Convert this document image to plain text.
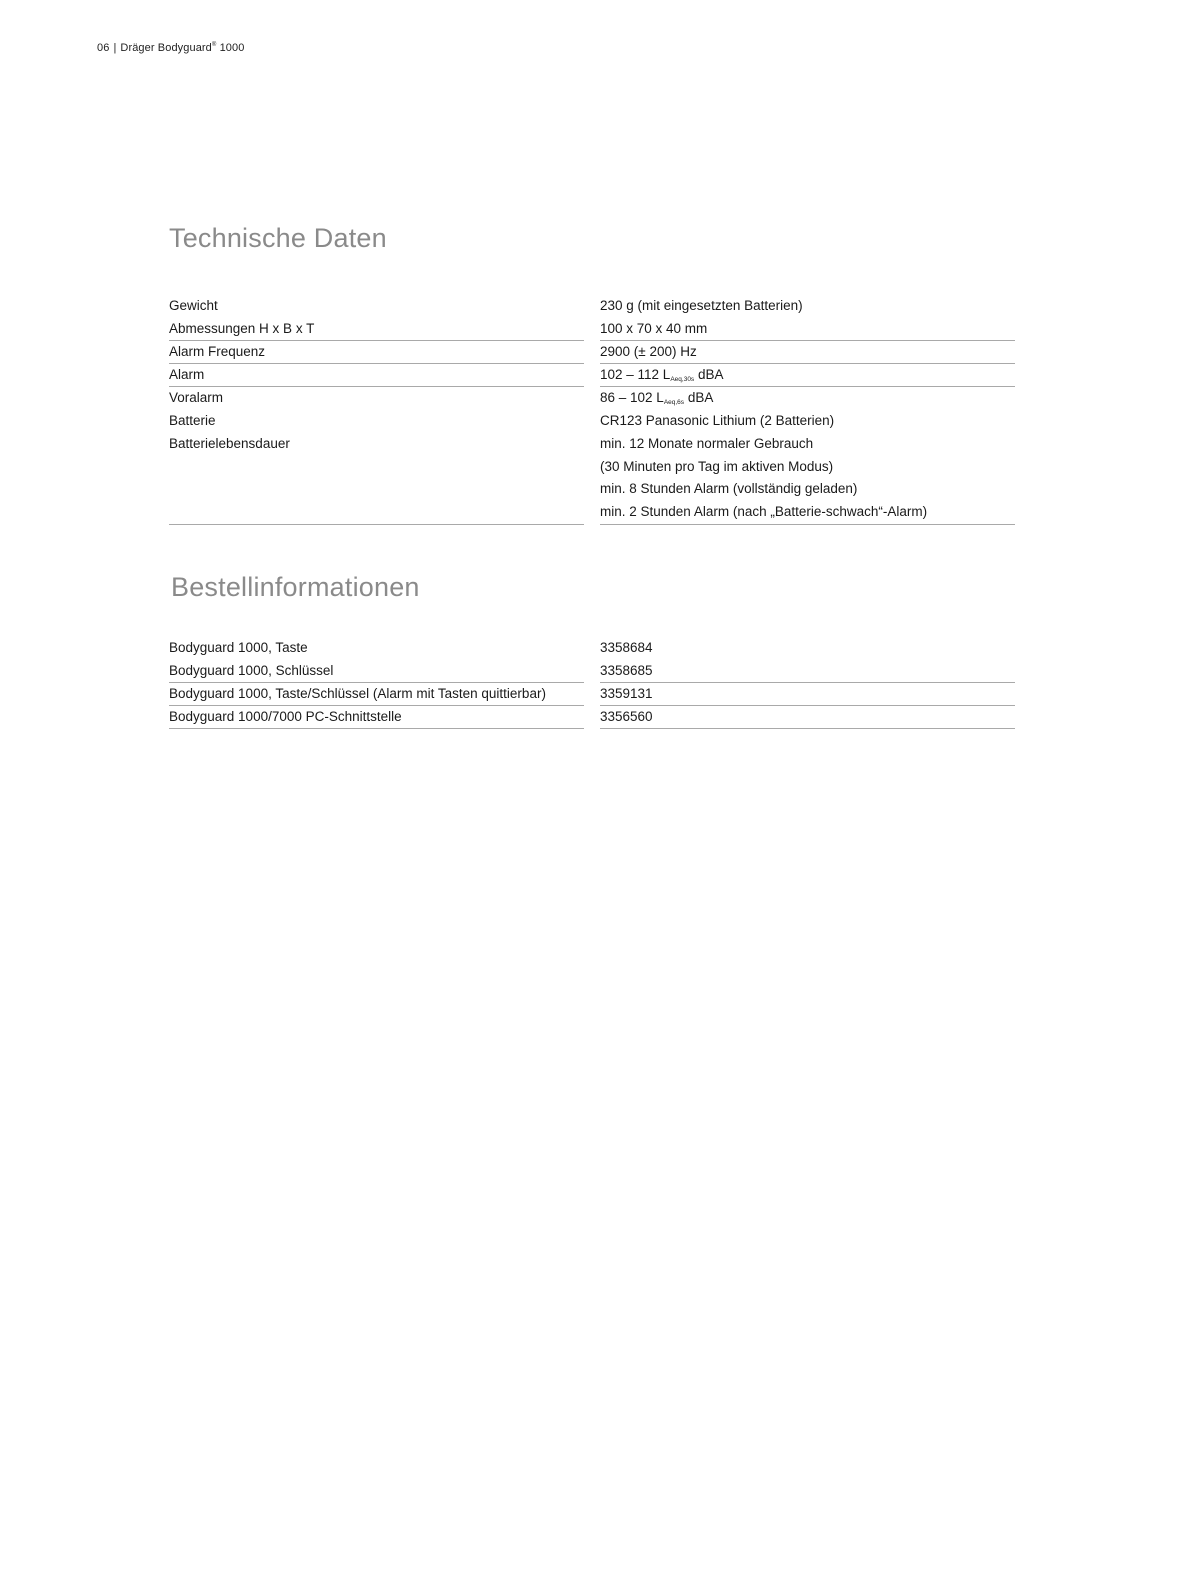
06 | Dräger Bodyguard® 1000
Technische Daten
Gewicht	230 g (mit eingesetzten Batterien)
Abmessungen H x B x T	100 x 70 x 40 mm
Alarm Frequenz	2900 (± 200) Hz
Alarm	102 – 112 $L_{Aeq,30s}$ dBA
Voralarm	86 – 102 $L_{Aeq,6s}$ dBA
Batterie	CR123 Panasonic Lithium (2 Batterien)
Batterielebensdauer	min. 12 Monate normaler Gebrauch
(30 Minuten pro Tag im aktiven Modus)
min. 8 Stunden Alarm (vollständig geladen)
min. 2 Stunden Alarm (nach „Batterie-schwach“-Alarm)
Bestellinformationen
Bodyguard 1000, Taste	3358684
Bodyguard 1000, Schlüssel	3358685
Bodyguard 1000, Taste/Schlüssel (Alarm mit Tasten quittierbar)	3359131
Bodyguard 1000/7000 PC-Schnittstelle	3356560
